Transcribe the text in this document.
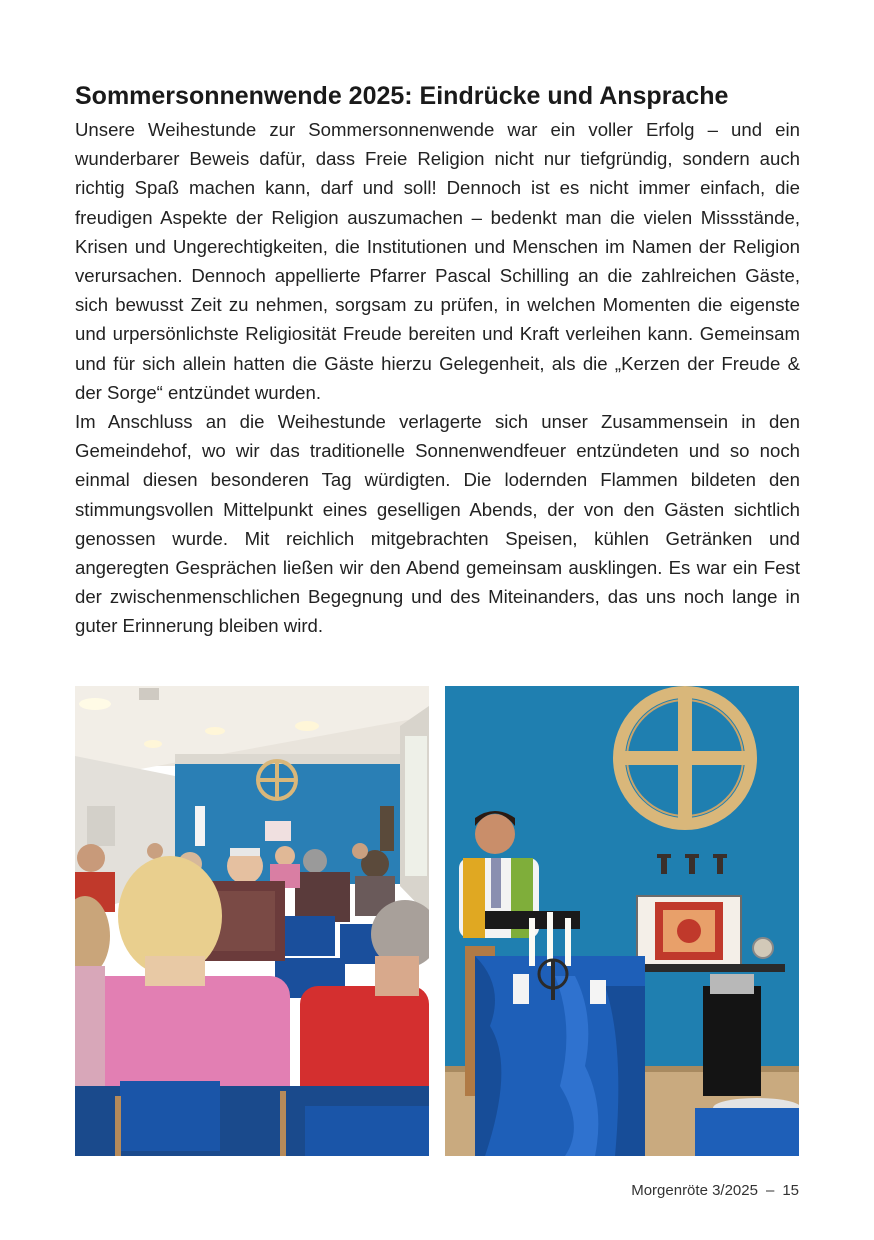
Sommersonnenwende 2025: Eindrücke und Ansprache

Unsere Weihestunde zur Sommersonnenwende war ein voller Erfolg – und ein wunderbarer Beweis dafür, dass Freie Religion nicht nur tiefgründig, sondern auch richtig Spaß machen kann, darf und soll! Dennoch ist es nicht immer einfach, die freudigen Aspekte der Religion auszumachen – bedenkt man die vielen Missstände, Krisen und Ungerechtigkeiten, die Institutionen und Menschen im Namen der Religion verursachen. Dennoch appellierte Pfarrer Pascal Schilling an die zahlreichen Gäste, sich bewusst Zeit zu nehmen, sorgsam zu prüfen, in welchen Momenten die eigenste und urpersönlichste Religiosität Freude bereiten und Kraft verleihen kann. Gemeinsam und für sich allein hatten die Gäste hierzu Gelegenheit, als die „Kerzen der Freude & der Sorge“ entzündet wurden.

Im Anschluss an die Weihestunde verlagerte sich unser Zusammensein in den Gemeindehof, wo wir das traditionelle Sonnenwendfeuer entzündeten und so noch einmal diesen besonderen Tag würdigten. Die lodernden Flammen bildeten den stimmungsvollen Mittelpunkt eines geselligen Abends, der von den Gästen sichtlich genossen wurde. Mit reichlich mitgebrachten Speisen, kühlen Getränken und angeregten Gesprächen ließen wir den Abend gemeinsam ausklingen. Es war ein Fest der zwischenmenschlichen Begegnung und des Miteinanders, das uns noch lange in guter Erinnerung bleiben wird.

Morgenröte 3/2025 – 15
